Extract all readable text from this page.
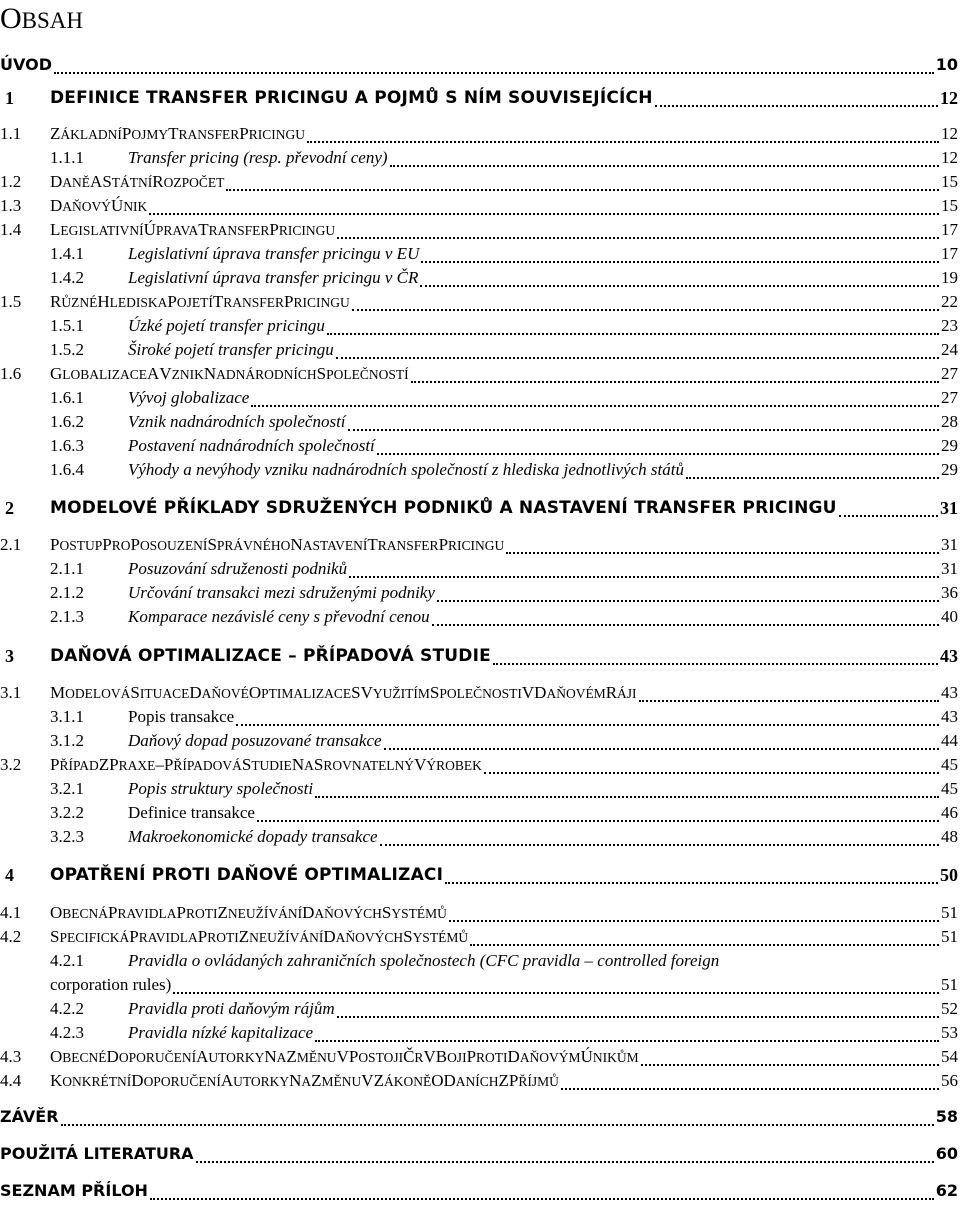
OBSAH
ÚVOD	10
1 DEFINICE TRANSFER PRICINGU A POJMŮ S NÍM SOUVISEJÍCÍCH	12
1.1 Z ÁKLADNÍ P OJMY T RANSFER P RICINGU	12
1.1.1	Transfer pricing (resp. převodní ceny)	12
1.2 D ANĚ A S TÁTNÍ R OZPOČET	15
1.3 D AŇOVÝ Ú NIK	15
1.4 L EGISLATIVNÍ Ú PRAVA T RANSFER P RICINGU	17
1.4.1	Legislativní úprava transfer pricingu v EU	17
1.4.2	Legislativní úprava transfer pricingu v ČR	19
1.5 R ŮZNÉ H LEDISKA P OJETÍ T RANSFER P RICINGU	22
1.5.1	Úzké pojetí transfer pricingu	23
1.5.2	Široké pojetí transfer pricingu	24
1.6 G LOBALIZACE A V ZNIK N ADNÁRODNÍCH S POLEČNOSTÍ	27
1.6.1	Vývoj globalizace	27
1.6.2	Vznik nadnárodních společností	28
1.6.3	Postavení nadnárodních společností	29
1.6.4	Výhody a nevýhody vzniku nadnárodních společností z hlediska jednotlivých států	29
2 MODELOVÉ PŘÍKLADY SDRUŽENÝCH PODNIKŮ A NASTAVENÍ TRANSFER PRICINGU	31
2.1 P OSTUP P RO P OSOUZENÍ S PRÁVNÉHO N ASTAVENÍ T RANSFER P RICINGU	31
2.1.1	Posuzování sdruženosti podniků	31
2.1.2	Určování transakci mezi sdruženými podniky	36
2.1.3	Komparace nezávislé ceny s převodní cenou	40
3 DAŇOVÁ OPTIMALIZACE – PŘÍPADOVÁ STUDIE	43
3.1 M ODELOVÁ S ITUACE D AŇOVÉ O PTIMALIZACE S V YUŽITÍM S POLEČNOSTI V D AŇOVÉM R ÁJI	43
3.1.1	Popis transakce	43
3.1.2	Daňový dopad posuzované transakce	44
3.2 P ŘÍPAD Z P RAXE – P ŘÍPADOVÁ S TUDIE N A S ROVNATELNÝ V ÝROBEK	45
3.2.1	Popis struktury společnosti	45
3.2.2	Definice transakce	46
3.2.3	Makroekonomické dopady transakce	48
4 OPATŘENÍ PROTI DAŇOVÉ OPTIMALIZACI	50
4.1 O BECNÁ P RAVIDLA P ROTI Z NEUŽÍVÁNÍ D AŇOVÝCH S YSTÉMŮ	51
4.2 S PECIFICKÁ P RAVIDLA P ROTI Z NEUŽÍVÁNÍ D AŇOVÝCH S YSTÉMŮ	51
4.2.1	Pravidla o ovládaných zahraničních společnostech (CFC pravidla – controlled foreign
corporation rules)	51
4.2.2	Pravidla proti daňovým rájům	52
4.2.3	Pravidla nízké kapitalizace	53
4.3 O BECNÉ D OPORUČENÍ A UTORKY N A Z MĚNU V P OSTOJI Č R V B OJI P ROTI D AŇOVÝM Ú NIKŮM	54
4.4 K ONKRÉTNÍ D OPORUČENÍ A UTORKY N A Z MĚNU V Z ÁKONĚ O D ANÍCH Z P ŘÍJMŮ	56
ZÁVĚR	58
POUŽITÁ LITERATURA	60
SEZNAM PŘÍLOH	62
